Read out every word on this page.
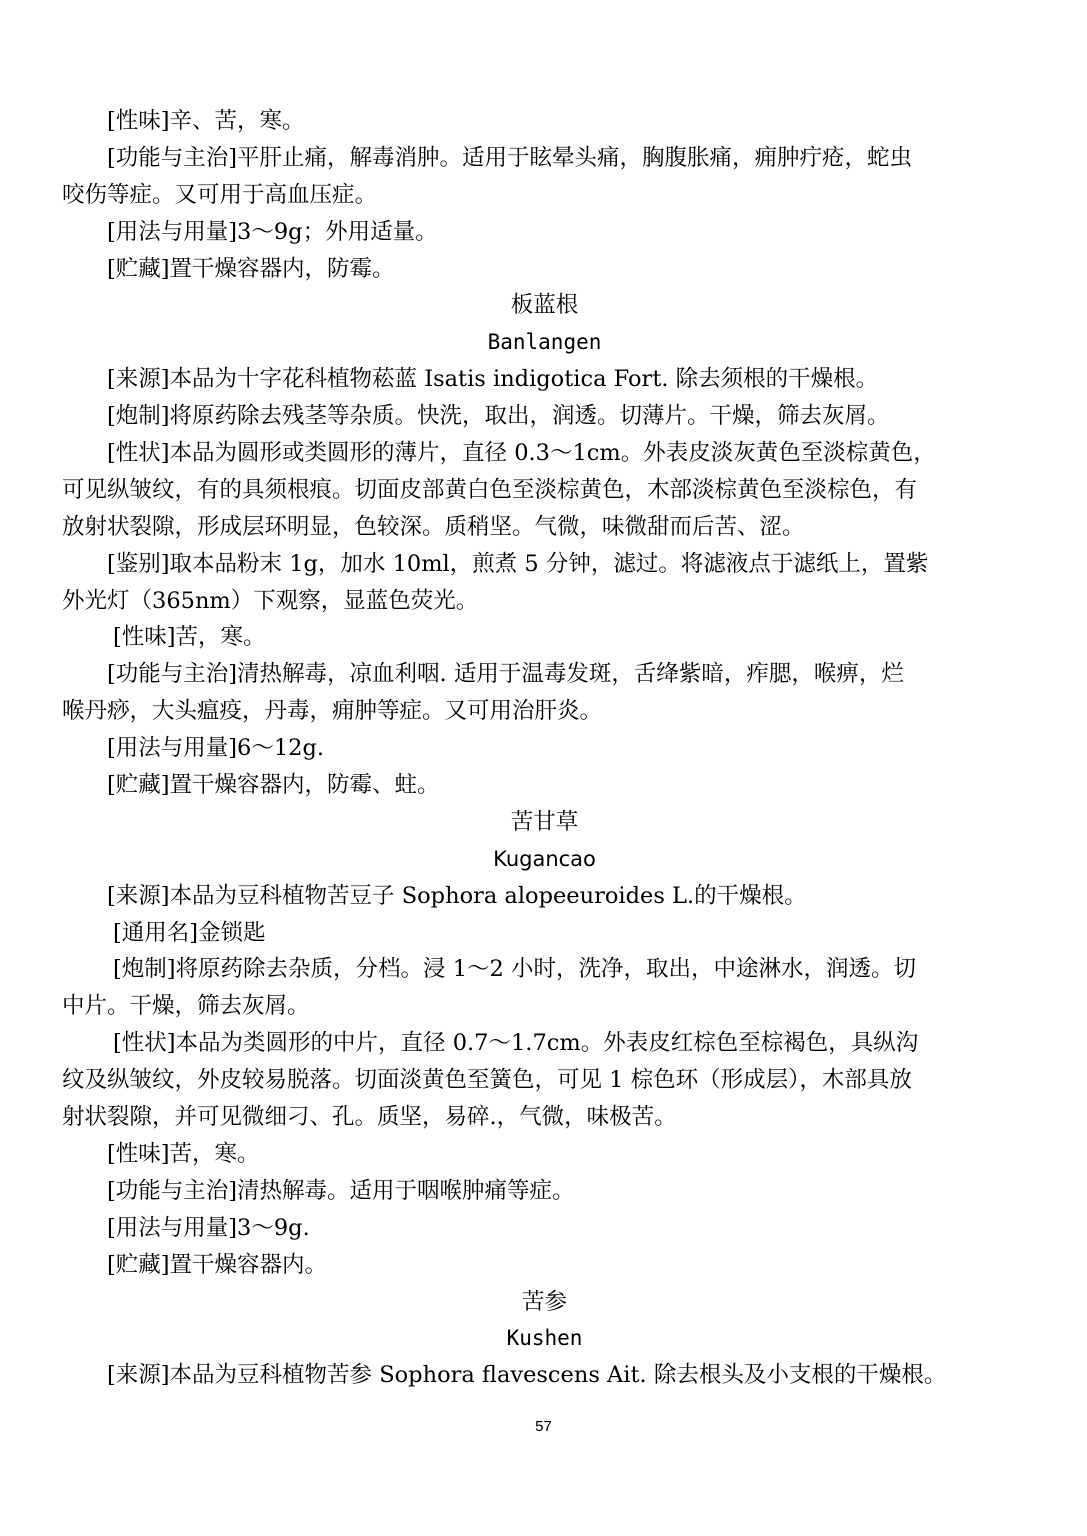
[性味]辛、苦，寒。
[功能与主治]平肝止痛，解毒消肿。适用于眩晕头痛，胸腹胀痛，痈肿疔疮，蛇虫
咬伤等症。又可用于高血压症。
[用法与用量]3～9g；外用适量。
[贮藏]置干燥容器内，防霉。
板蓝根
Banlangen
[来源]本品为十字花科植物菘蓝 Isatis indigotica Fort. 除去须根的干燥根。
[炮制]将原药除去残茎等杂质。快洗，取出，润透。切薄片。干燥，筛去灰屑。
[性状]本品为圆形或类圆形的薄片，直径 0.3～1cm。外表皮淡灰黄色至淡棕黄色，
可见纵皱纹，有的具须根痕。切面皮部黄白色至淡棕黄色，木部淡棕黄色至淡棕色，有
放射状裂隙，形成层环明显，色较深。质稍坚。气微，味微甜而后苦、涩。
[鉴别]取本品粉末 1g，加水 10ml，煎煮 5 分钟，滤过。将滤液点于滤纸上，置紫
外光灯（365nm）下观察，显蓝色荧光。
[性味]苦，寒。
[功能与主治]清热解毒，凉血利咽. 适用于温毒发斑，舌绛紫暗，痄腮，喉痹，烂
喉丹痧，大头瘟疫，丹毒，痈肿等症。又可用治肝炎。
[用法与用量]6～12g.
[贮藏]置干燥容器内，防霉、蛀。
苦甘草
Kugancao
[来源]本品为豆科植物苦豆子 Sophora alopeeuroides L.的干燥根。
[通用名]金锁匙
[炮制]将原药除去杂质，分档。浸 1～2 小时，洗净，取出，中途淋水，润透。切
中片。干燥，筛去灰屑。
[性状]本品为类圆形的中片，直径 0.7～1.7cm。外表皮红棕色至棕褐色，具纵沟
纹及纵皱纹，外皮较易脱落。切面淡黄色至簧色，可见 1 棕色环（形成层），木部具放
射状裂隙，并可见微细刁、孔。质坚，易碎.，气微，味极苦。
[性味]苦，寒。
[功能与主治]清热解毒。适用于咽喉肿痛等症。
[用法与用量]3～9g.
[贮藏]置干燥容器内。
苦参
Kushen
[来源]本品为豆科植物苦参 Sophora flavescens Ait. 除去根头及小支根的干燥根。
57
